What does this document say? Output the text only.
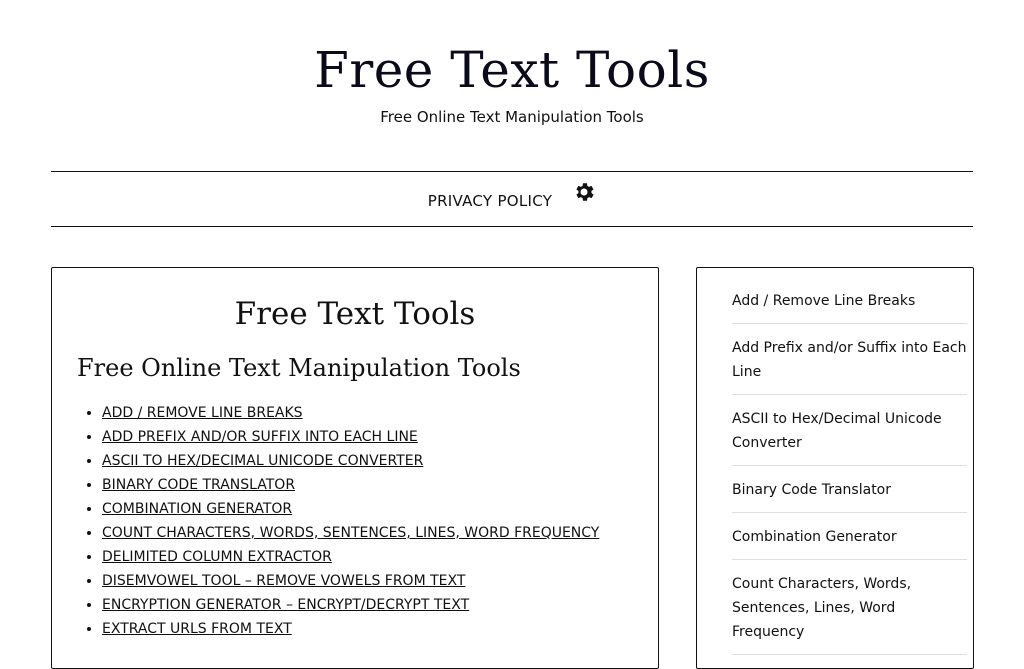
Free Text Tools
Free Online Text Manipulation Tools
PRIVACY POLICY
Free Text Tools
Free Online Text Manipulation Tools
• ADD / REMOVE LINE BREAKS
• ADD PREFIX AND/OR SUFFIX INTO EACH LINE
• ASCII TO HEX/DECIMAL UNICODE CONVERTER
• BINARY CODE TRANSLATOR
• COMBINATION GENERATOR
• COUNT CHARACTERS, WORDS, SENTENCES, LINES, WORD FREQUENCY
• DELIMITED COLUMN EXTRACTOR
• DISEMVOWEL TOOL – REMOVE VOWELS FROM TEXT
• ENCRYPTION GENERATOR – ENCRYPT/DECRYPT TEXT
• EXTRACT URLS FROM TEXT
Add / Remove Line Breaks
Add Prefix and/or Suffix into Each Line
ASCII to Hex/Decimal Unicode Converter
Binary Code Translator
Combination Generator
Count Characters, Words, Sentences, Lines, Word Frequency
